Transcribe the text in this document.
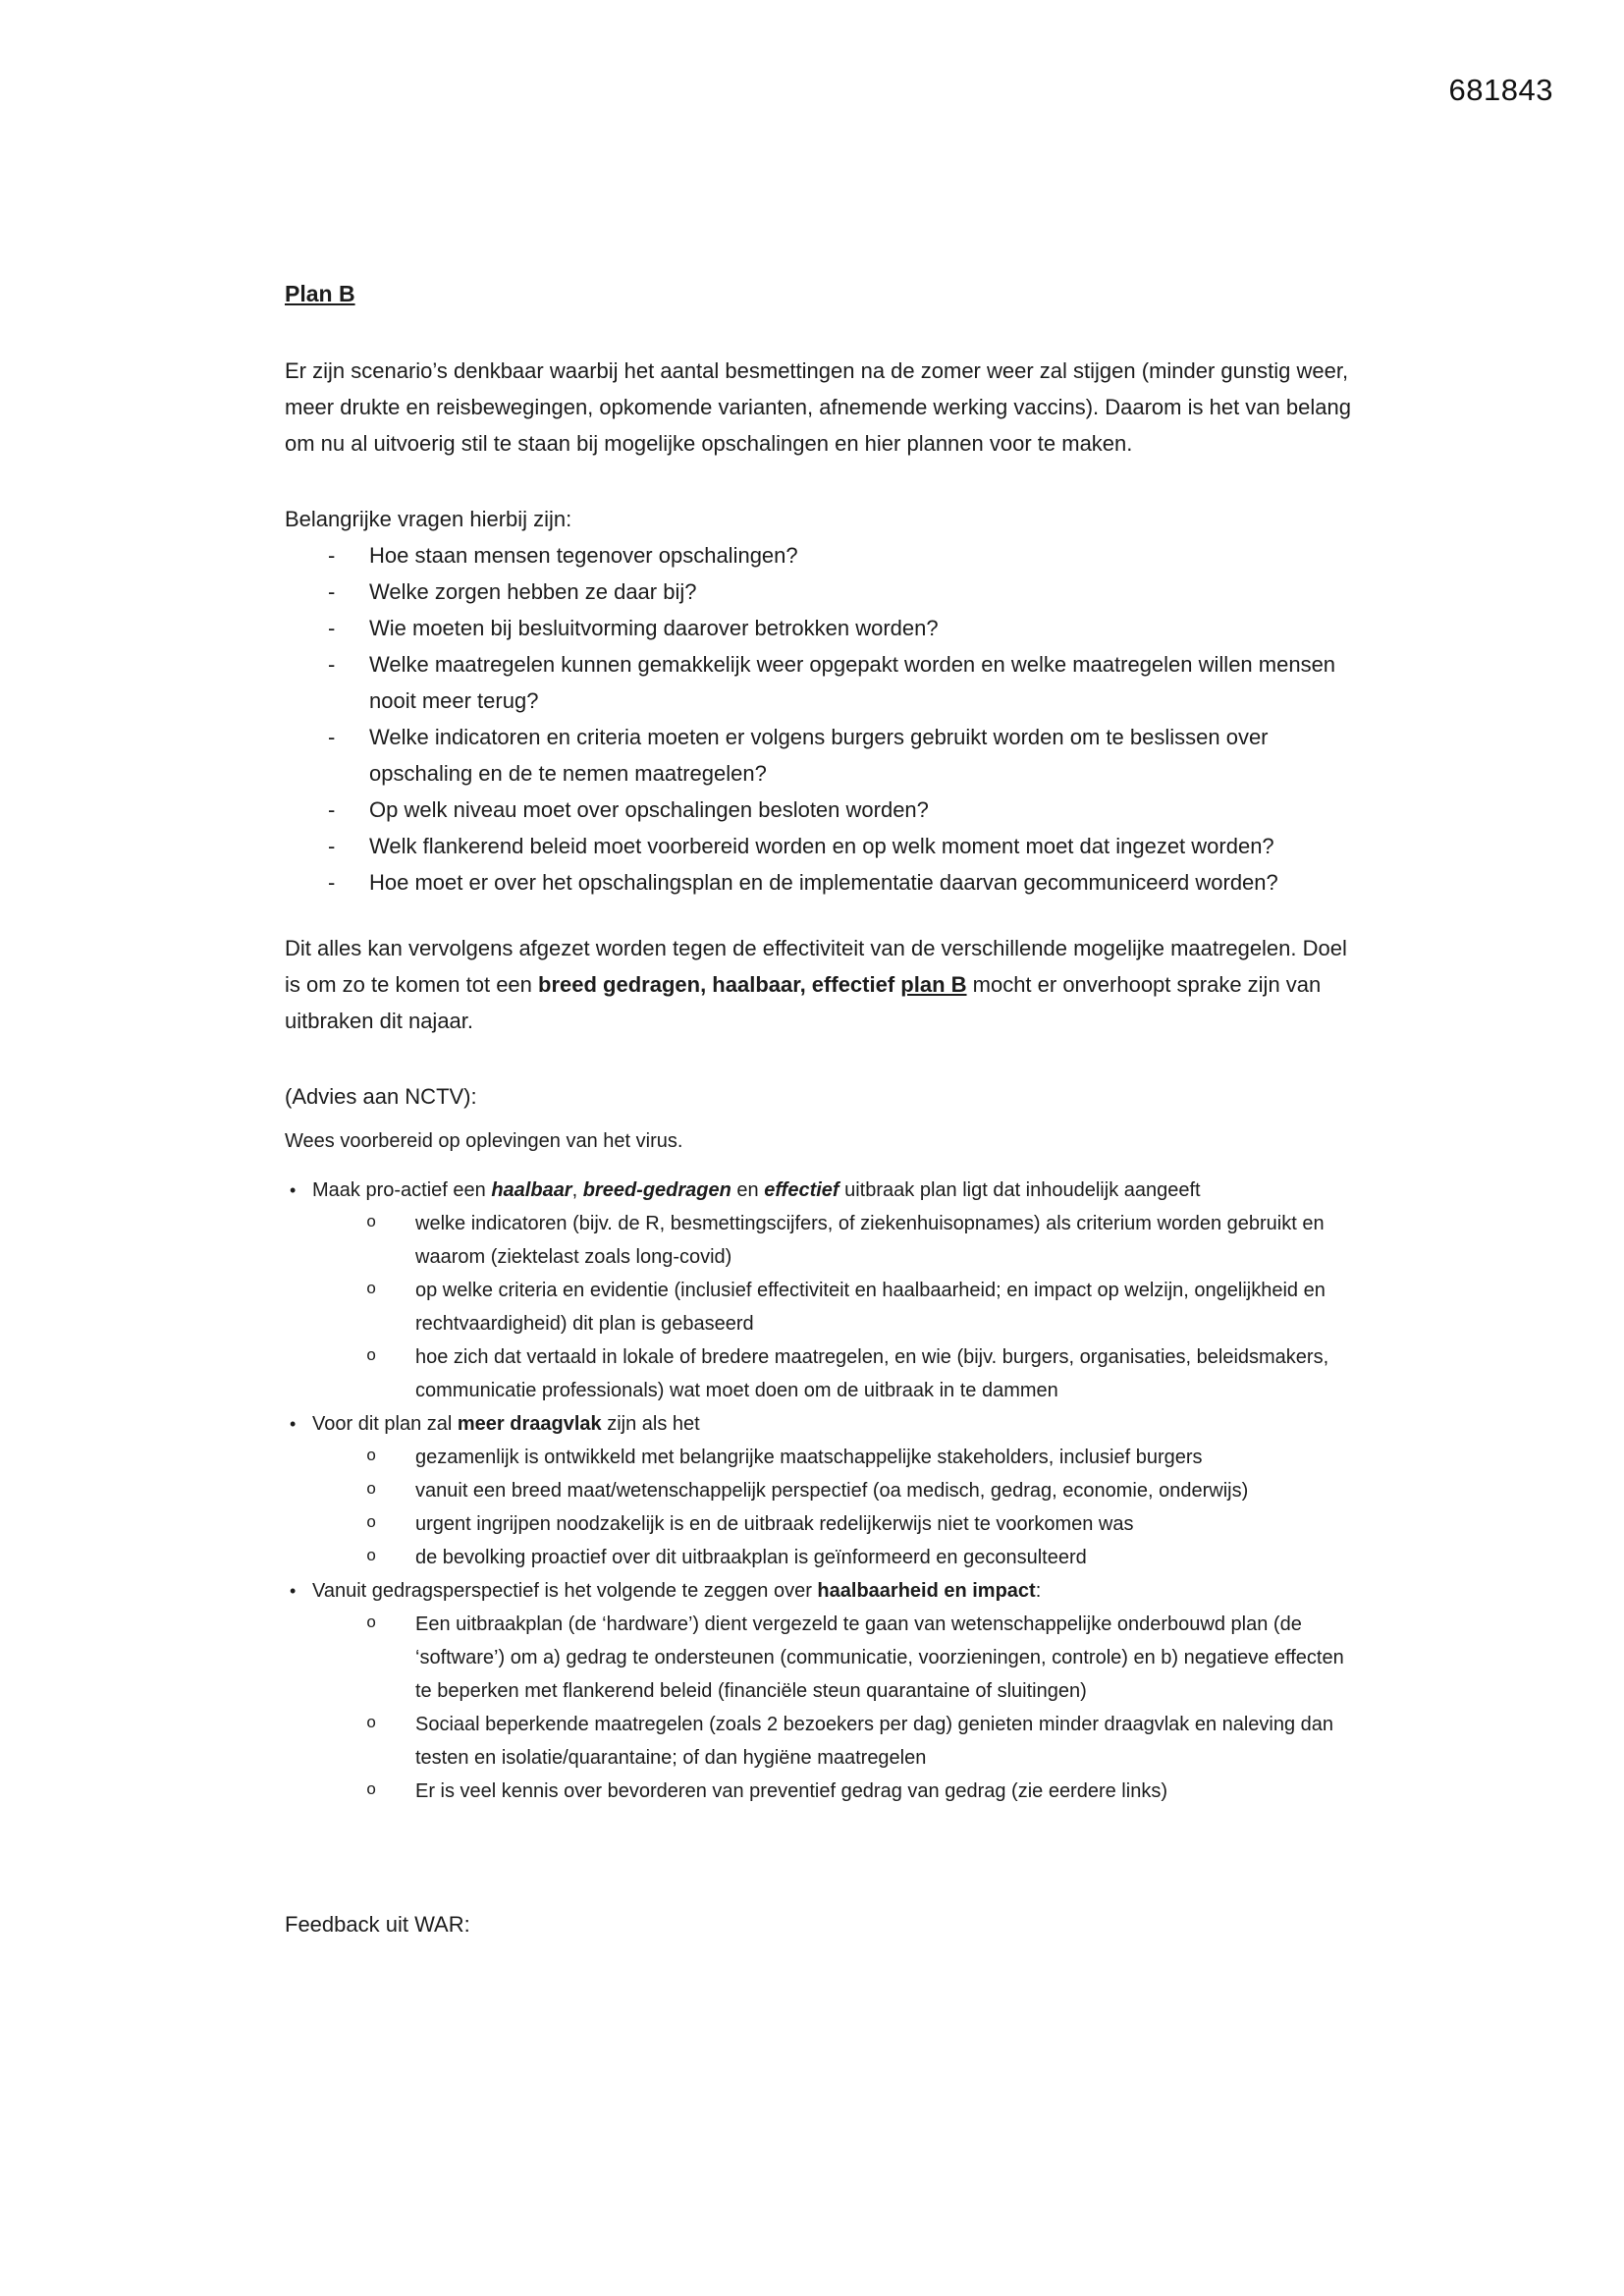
681843
Plan B

Er zijn scenario’s denkbaar waarbij het aantal besmettingen na de zomer weer zal stijgen (minder gunstig weer, meer drukte en reisbewegingen, opkomende varianten, afnemende werking vaccins). Daarom is het van belang om nu al uitvoerig stil te staan bij mogelijke opschalingen en hier plannen voor te maken.

Belangrijke vragen hierbij zijn:

-	Hoe staan mensen tegenover opschalingen?
-	Welke zorgen hebben ze daar bij?
-	Wie moeten bij besluitvorming daarover betrokken worden?
-	Welke maatregelen kunnen gemakkelijk weer opgepakt worden en welke maatregelen willen mensen nooit meer terug?
-	Welke indicatoren en criteria moeten er volgens burgers gebruikt worden om te beslissen over opschaling en de te nemen maatregelen?
-	Op welk niveau moet over opschalingen besloten worden?
-	Welk flankerend beleid moet voorbereid worden en op welk moment moet dat ingezet worden?
-	Hoe moet er over het opschalingsplan en de implementatie daarvan gecommuniceerd worden?

Dit alles kan vervolgens afgezet worden tegen de effectiviteit van de verschillende mogelijke maatregelen. Doel is om zo te komen tot een breed gedragen, haalbaar, effectief plan B mocht er onverhoopt sprake zijn van uitbraken dit najaar.

(Advies aan NCTV):

Wees voorbereid op oplevingen van het virus.

• Maak pro-actief een haalbaar, breed-gedragen en effectief uitbraak plan ligt dat inhoudelijk aangeeft
o	welke indicatoren (bijv. de R, besmettingscijfers, of ziekenhuisopnames) als criterium worden gebruikt en waarom (ziektelast zoals long-covid)
o	op welke criteria en evidentie (inclusief effectiviteit en haalbaarheid; en impact op welzijn, ongelijkheid en rechtvaardigheid) dit plan is gebaseerd
o	hoe zich dat vertaald in lokale of bredere maatregelen, en wie (bijv. burgers, organisaties, beleidsmakers, communicatie professionals) wat moet doen om de uitbraak in te dammen
• Voor dit plan zal meer draagvlak zijn als het
o	gezamenlijk is ontwikkeld met belangrijke maatschappelijke stakeholders, inclusief burgers
o	vanuit een breed maat/wetenschappelijk perspectief (oa medisch, gedrag, economie, onderwijs)
o	urgent ingrijpen noodzakelijk is en de uitbraak redelijkerwijs niet te voorkomen was
o	de bevolking proactief over dit uitbraakplan is geïnformeerd en geconsulteerd
• Vanuit gedragsperspectief is het volgende te zeggen over haalbaarheid en impact:
o	Een uitbraakplan (de ‘hardware’) dient vergezeld te gaan van wetenschappelijke onderbouwd plan (de ‘software’) om a) gedrag te ondersteunen (communicatie, voorzieningen, controle) en b) negatieve effecten te beperken met flankerend beleid (financiële steun quarantaine of sluitingen)
o	Sociaal beperkende maatregelen (zoals 2 bezoekers per dag) genieten minder draagvlak en naleving dan testen en isolatie/quarantaine; of dan hygiëne maatregelen
o	Er is veel kennis over bevorderen van preventief gedrag van gedrag (zie eerdere links)

Feedback uit WAR:
